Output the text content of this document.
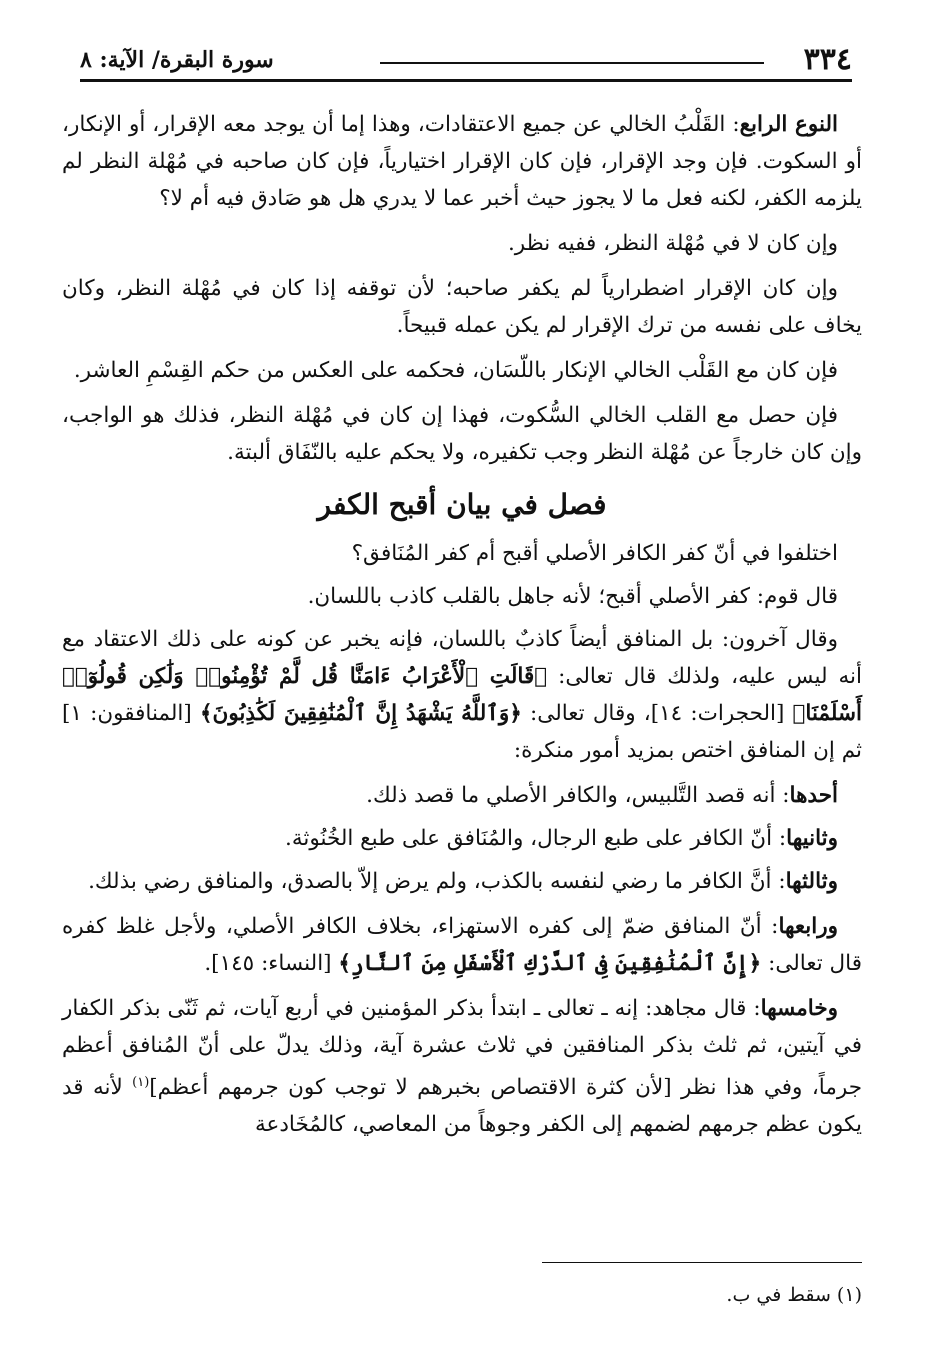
٣٣٤
سورة البقرة/ الآية: ٨

النوع الرابع: القَلْبُ الخالي عن جميع الاعتقادات، وهذا إما أن يوجد معه الإقرار، أو الإنكار، أو السكوت. فإن وجد الإقرار، فإن كان الإقرار اختيارياً، فإن كان صاحبه في مُهْلة النظر لم يلزمه الكفر، لكنه فعل ما لا يجوز حيث أخبر عما لا يدري هل هو صَادق فيه أم لا؟

وإن كان لا في مُهْلة النظر، ففيه نظر.

وإن كان الإقرار اضطرارياً لم يكفر صاحبه؛ لأن توقفه إذا كان في مُهْلة النظر، وكان يخاف على نفسه من ترك الإقرار لم يكن عمله قبيحاً.

فإن كان مع القَلْب الخالي الإنكار باللّسَان، فحكمه على العكس من حكم القِسْمِ العاشر.

فإن حصل مع القلب الخالي السُّكوت، فهذا إن كان في مُهْلة النظر، فذلك هو الواجب، وإن كان خارجاً عن مُهْلة النظر وجب تكفيره، ولا يحكم عليه بالنّفَاق ألبتة.

فصل في بيان أقبح الكفر

اختلفوا في أنّ كفر الكافر الأصلي أقبح أم كفر المُنَافق؟

قال قوم: كفر الأصلي أقبح؛ لأنه جاهل بالقلب كاذب باللسان.

وقال آخرون: بل المنافق أيضاً كاذبٌ باللسان، فإنه يخبر عن كونه على ذلك الاعتقاد مع أنه ليس عليه، ولذلك قال تعالى: ﴿قَالَتِ ٱلْأَعْرَابُ ءَامَنَّا قُل لَّمْ تُؤْمِنُوا۟ وَلَٰكِن قُولُوٓا۟ أَسْلَمْنَا﴾ [الحجرات: ١٤]، وقال تعالى: ﴿وَٱللَّهُ يَشْهَدُ إِنَّ ٱلْمُنَٰفِقِينَ لَكَٰذِبُونَ﴾ [المنافقون: ١] ثم إن المنافق اختص بمزيد أمور منكرة:

أحدها: أنه قصد التَّلبيس، والكافر الأصلي ما قصد ذلك.

وثانيها: أنّ الكافر على طبع الرجال، والمُنَافق على طبع الخُنُوثة.

وثالثها: أنَّ الكافر ما رضي لنفسه بالكذب، ولم يرض إلاّ بالصدق، والمنافق رضي بذلك.

ورابعها: أنّ المنافق ضمّ إلى كفره الاستهزاء، بخلاف الكافر الأصلي، ولأجل غلظ كفره قال تعالى: ﴿إِنَّ ٱلْمُنَٰفِقِينَ فِى ٱلدَّرْكِ ٱلْأَسْفَلِ مِنَ ٱلنَّارِ﴾ [النساء: ١٤٥].

وخامسها: قال مجاهد: إنه ـ تعالى ـ ابتدأ بذكر المؤمنين في أربع آيات، ثم ثَنّى بذكر الكفار في آيتين، ثم ثلث بذكر المنافقين في ثلاث عشرة آية، وذلك يدلّ على أنّ المُنافق أعظم جرماً، وفي هذا نظر [لأن كثرة الاقتصاص بخبرهم لا توجب كون جرمهم أعظم]$^{(١)}$ لأنه قد يكون عظم جرمهم لضمهم إلى الكفر وجوهاً من المعاصي، كالمُخَادعة

(١) سقط في ب.
